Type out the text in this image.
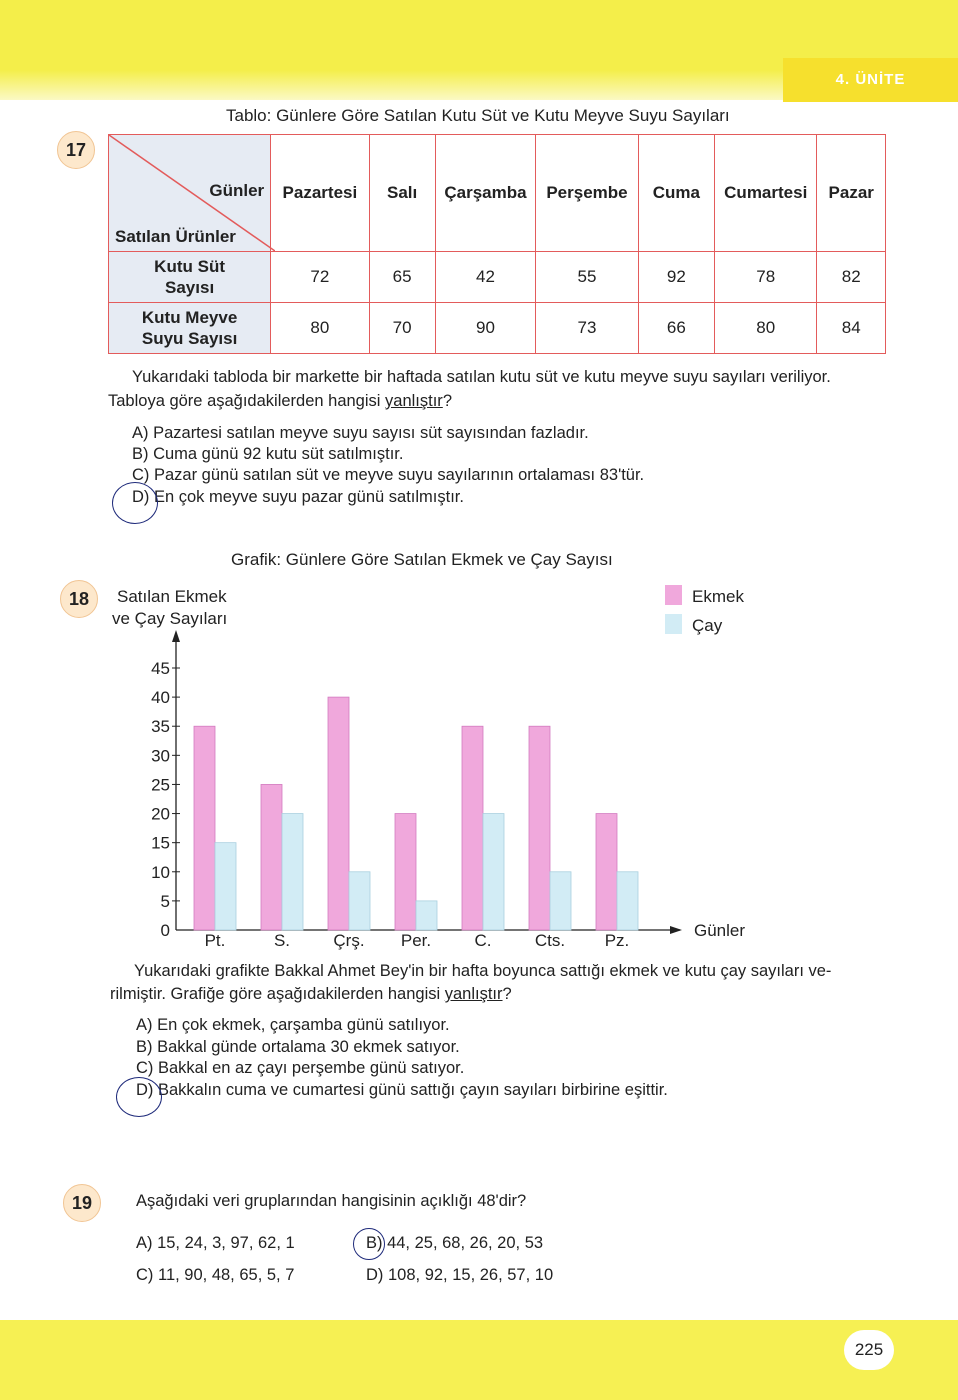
4. ÜNİTE
17
Tablo: Günlere Göre Satılan Kutu Süt ve Kutu Meyve Suyu Sayıları
Günler
Satılan Ürünler	Pazartesi	Salı	Çarşamba	Perşembe	Cuma	Cumartesi	Pazar
Kutu Süt
Sayısı	72	65	42	55	92	78	82
Kutu Meyve
Suyu Sayısı	80	70	90	73	66	80	84
Yukarıdaki tabloda bir markette bir haftada satılan kutu süt ve kutu meyve suyu sayıları veriliyor.
Tabloya göre aşağıdakilerden hangisi yanlıştır?
A) Pazartesi satılan meyve suyu sayısı süt sayısından fazladır.
B) Cuma günü 92 kutu süt satılmıştır.
C) Pazar günü satılan süt ve meyve suyu sayılarının ortalaması 83'tür.
D) En çok meyve suyu pazar günü satılmıştır.
18
Grafik: Günlere Göre Satılan Ekmek ve Çay Sayısı
Satılan Ekmek
ve Çay Sayıları
Ekmek
Çay
Günler
0
5
10
15
20
25
30
35
40
45
Pt.	S.	Çrş. Per.	C.	Cts. Pz.
Yukarıdaki grafikte Bakkal Ahmet Bey'in bir hafta boyunca sattığı ekmek ve kutu çay sayıları ve-
rilmiştir. Grafiğe göre aşağıdakilerden hangisi yanlıştır?
A) En çok ekmek, çarşamba günü satılıyor.
B) Bakkal günde ortalama 30 ekmek satıyor.
C) Bakkal en az çayı perşembe günü satıyor.
D) Bakkalın cuma ve cumartesi günü sattığı çayın sayıları birbirine eşittir.
19	Aşağıdaki veri gruplarından hangisinin açıklığı 48'dir?
A) 15, 24, 3, 97, 62, 1	B) 44, 25, 68, 26, 20, 53
C) 11, 90, 48, 65, 5, 7	D) 108, 92, 15, 26, 57, 10
225
